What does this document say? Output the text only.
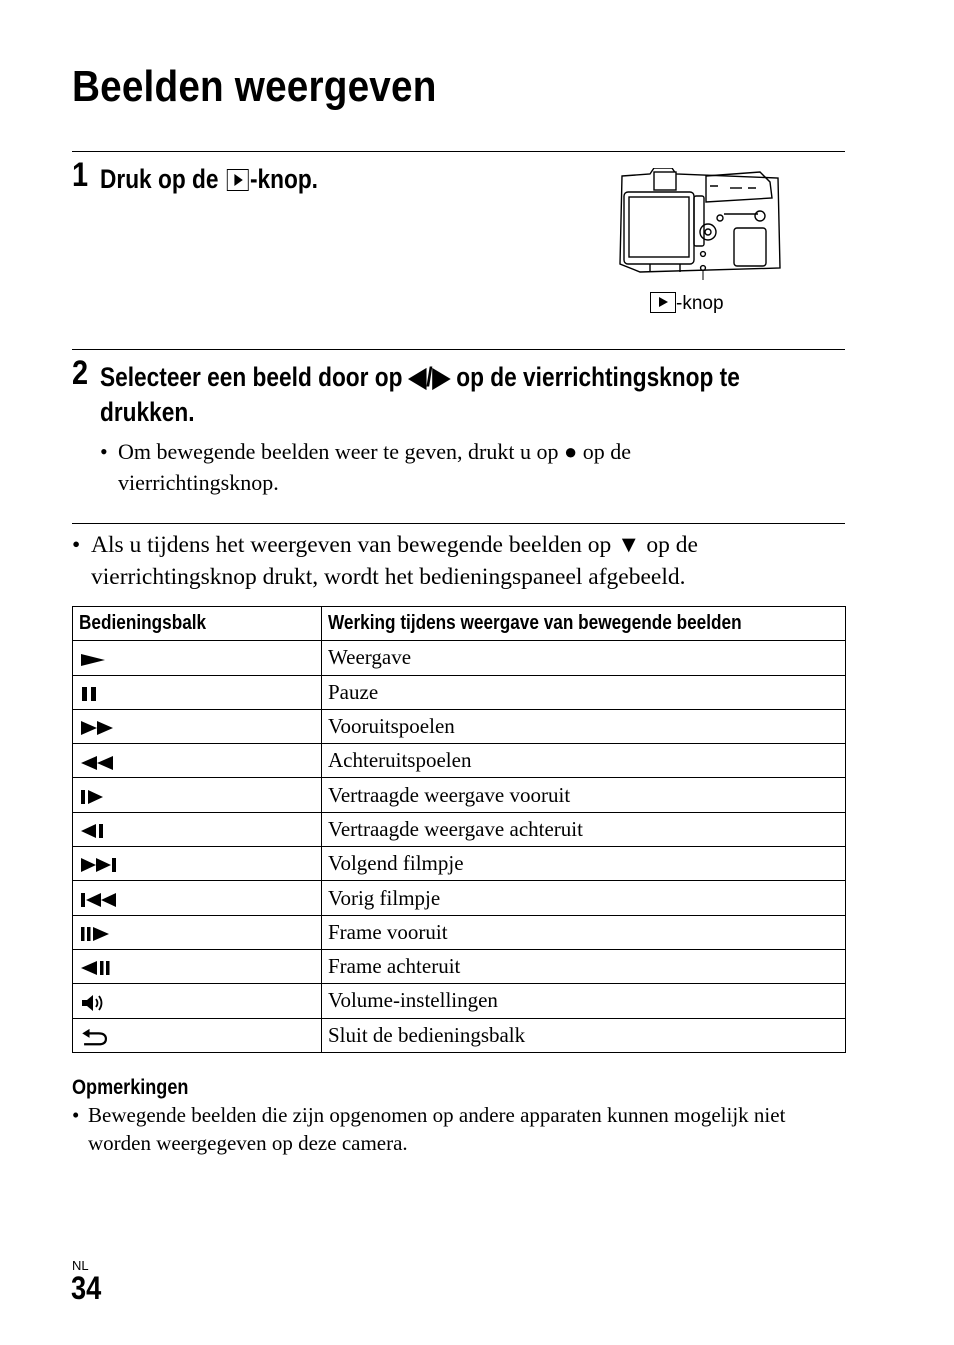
Beelden weergeven
1 Druk op de -knop.
-knop
2 Selecteer een beeld door op ◀/▶ op de vierrichtingsknop te
drukken.
• Om bewegende beelden weer te geven, drukt u op ● op de
vierrichtingsknop.
• Als u tijdens het weergeven van bewegende beelden op ▼ op de
vierrichtingsknop drukt, wordt het bedieningspaneel afgebeeld.
Bedieningsbalk	Werking tijdens weergave van bewegende beelden
	Weergave
	Pauze
	Vooruitspoelen
	Achteruitspoelen
	Vertraagde weergave vooruit
	Vertraagde weergave achteruit
	Volgend filmpje
	Vorig filmpje
	Frame vooruit
	Frame achteruit
	Volume-instellingen
	Sluit de bedieningsbalk
Opmerkingen
• Bewegende beelden die zijn opgenomen op andere apparaten kunnen mogelijk niet
worden weergegeven op deze camera.
NL
34
